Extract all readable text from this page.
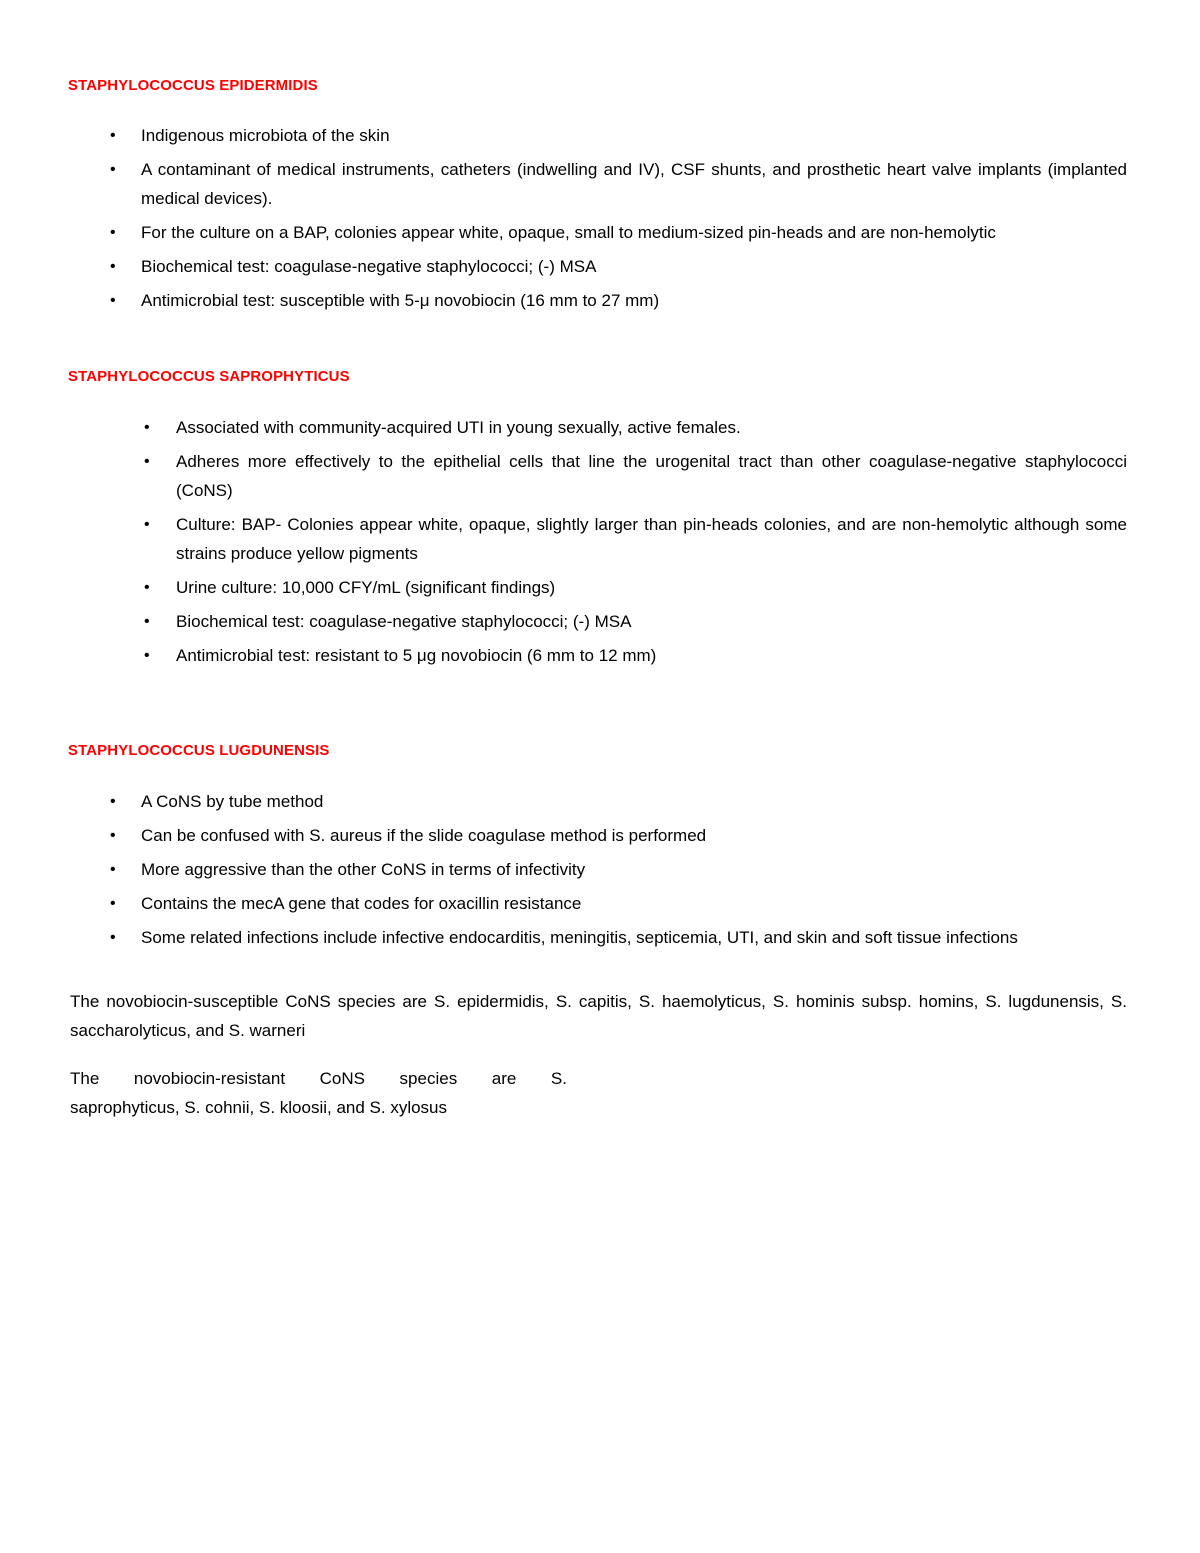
STAPHYLOCOCCUS EPIDERMIDIS
• Indigenous microbiota of the skin
• A contaminant of medical instruments, catheters (indwelling and IV), CSF shunts, and prosthetic heart valve implants (implanted medical devices).
• For the culture on a BAP, colonies appear white, opaque, small to medium-sized pin-heads and are non-hemolytic
• Biochemical test: coagulase-negative staphylococci; (-) MSA
• Antimicrobial test: susceptible with 5-μ novobiocin (16 mm to 27 mm)
STAPHYLOCOCCUS SAPROPHYTICUS
• Associated with community-acquired UTI in young sexually, active females.
• Adheres more effectively to the epithelial cells that line the urogenital tract than other coagulase-negative staphylococci (CoNS)
• Culture: BAP- Colonies appear white, opaque, slightly larger than pin-heads colonies, and are non-hemolytic although some strains produce yellow pigments
• Urine culture: 10,000 CFY/mL (significant findings)
• Biochemical test: coagulase-negative staphylococci; (-) MSA
• Antimicrobial test: resistant to 5 μg novobiocin (6 mm to 12 mm)
STAPHYLOCOCCUS LUGDUNENSIS
• A CoNS by tube method
• Can be confused with S. aureus if the slide coagulase method is performed
• More aggressive than the other CoNS in terms of infectivity
• Contains the mecA gene that codes for oxacillin resistance
• Some related infections include infective endocarditis, meningitis, septicemia, UTI, and skin and soft tissue infections

The novobiocin-susceptible CoNS species are S. epidermidis, S. capitis, S. haemolyticus, S. hominis subsp. homins, S. lugdunensis, S. saccharolyticus, and S. warneri

The novobiocin-resistant CoNS species are S.
saprophyticus, S. cohnii, S. kloosii, and S. xylosus
